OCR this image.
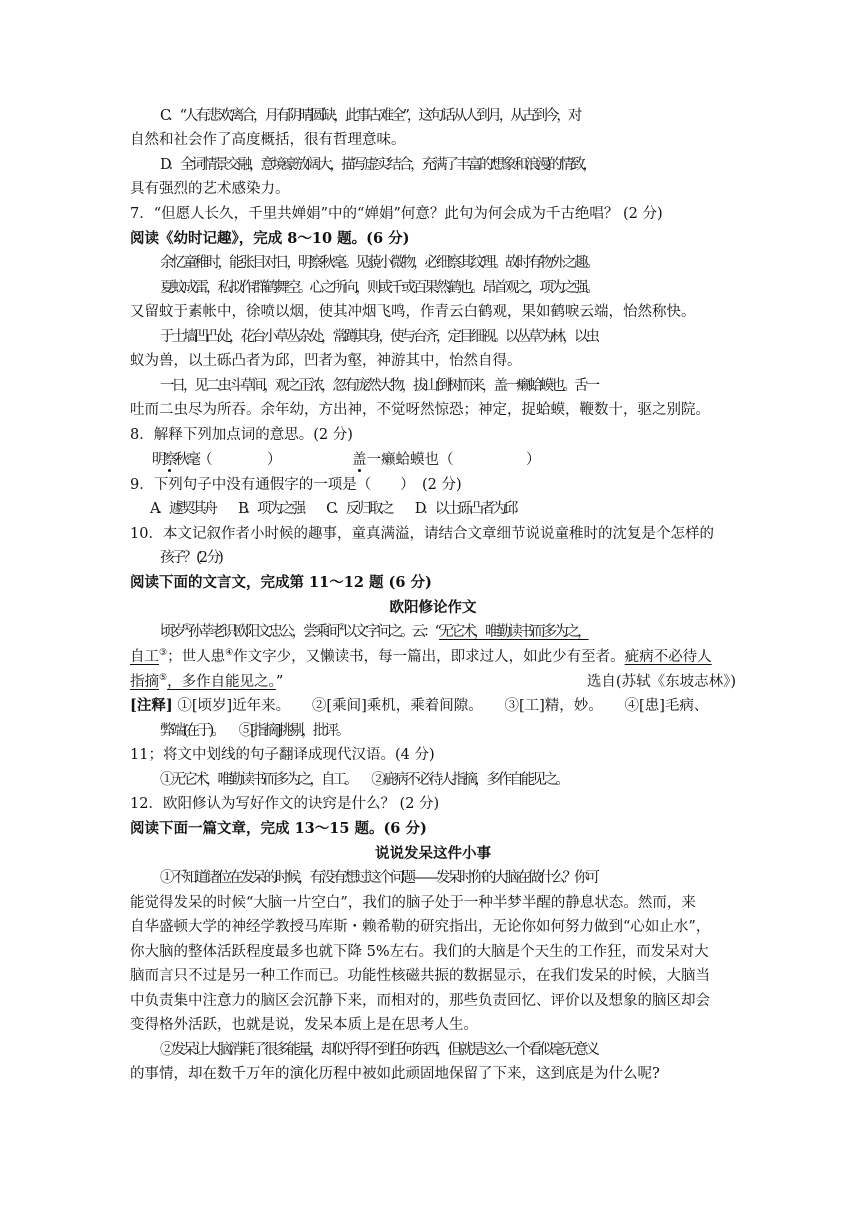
C．“人有悲欢离合，月有阴晴圆缺，此事古难全”，这句话从人到月，从古到今，对
自然和社会作了高度概括，很有哲理意味。
D．全词情景交融，意境豪放阔大，描写虚实结合，充满了丰富的想象和浪漫的情致，
具有强烈的艺术感染力。
7．“但愿人长久，千里共婵娟”中的“婵娟”何意？此句为何会成为千古绝唱？ (2 分)
阅读《幼时记趣》，完成 8～10 题。(6 分)
余忆童稚时，能张目对日，明察秋毫。见藐小微物，必细察其纹理。故时有物外之趣。
夏蚊成雷，私拟作群鹤舞空。心之所向，则或千或百果然鹤也。昂首观之，项为之强。
又留蚊于素帐中，徐喷以烟，使其冲烟飞鸣，作青云白鹤观，果如鹤唳云端，怡然称快。
于土墙凹凸处，花台小草丛杂处，常蹲其身，使与台齐，定目细视。以丛草为林，以虫
蚁为兽，以土砾凸者为邱，凹者为壑，神游其中，怡然自得。
一日，见二虫斗草间，观之正浓，忽有庞然大物，拔山倒树而来，盖一癞蛤蟆也。舌一
吐而二虫尽为所吞。余年幼，方出神，不觉呀然惊恐；神定，捉蛤蟆，鞭数十，驱之别院。
8．解释下列加点词的意思。(2 分)
明察秋毫（　　　　　）	盖一癞蛤蟆也（　　　　　）
9．下列句子中没有通假字的一项是（　　）　(2 分)
A．遽契其舟　　B．项为之强　　C．反归取之　　D．以土砾凸者为邱
10．本文记叙作者小时候的趣事，童真满溢，请结合文章细节说说童稚时的沈复是个怎样的
孩子？ (2 分)
阅读下面的文言文，完成第 11～12 题 (6 分)
欧阳修论作文
顷岁①孙莘老识欧阳文忠公，尝乘间②以文字问之。云：“无它术，唯勤读书而多为之，
自工③；世人患④作文字少，又懒读书，每一篇出，即求过人，如此少有至者。疵病不必待人
指摘⑤，多作自能见之。”	选自(苏轼《东坡志林》)
[注释] ①[顷岁]近年来。　　②[乘间]乘机，乘着间隙。　　③[工]精，妙。　　④[患]毛病、
弊端(在于)。　　⑤[指摘]挑剔，批评。
11；将文中划线的句子翻译成现代汉语。(4 分)
①无它术，唯勤读书而多为之，自工。　　②疵病不必待人指摘，多作自能见之。
12．欧阳修认为写好作文的诀窍是什么？ (2 分)
阅读下面一篇文章，完成 13～15 题。(6 分)
说说发呆这件小事
①不知道诸位在发呆的时候，有没有想过这个问题——发呆时你的大脑在做什么？你可
能觉得发呆的时候“大脑一片空白”，我们的脑子处于一种半梦半醒的静息状态。然而，来
自华盛顿大学的神经学教授马库斯・赖希勒的研究指出，无论你如何努力做到“心如止水”，
你大脑的整体活跃程度最多也就下降 5%左右。我们的大脑是个天生的工作狂，而发呆对大
脑而言只不过是另一种工作而已。功能性核磁共振的数据显示，在我们发呆的时候，大脑当
中负责集中注意力的脑区会沉静下来，而相对的，那些负责回忆、评价以及想象的脑区却会
变得格外活跃，也就是说，发呆本质上是在思考人生。
②发呆让大脑消耗了很多能量，却似乎得不到任何东西，但就是这么一个看似毫无意义
的事情，却在数千万年的演化历程中被如此顽固地保留了下来，这到底是为什么呢?
